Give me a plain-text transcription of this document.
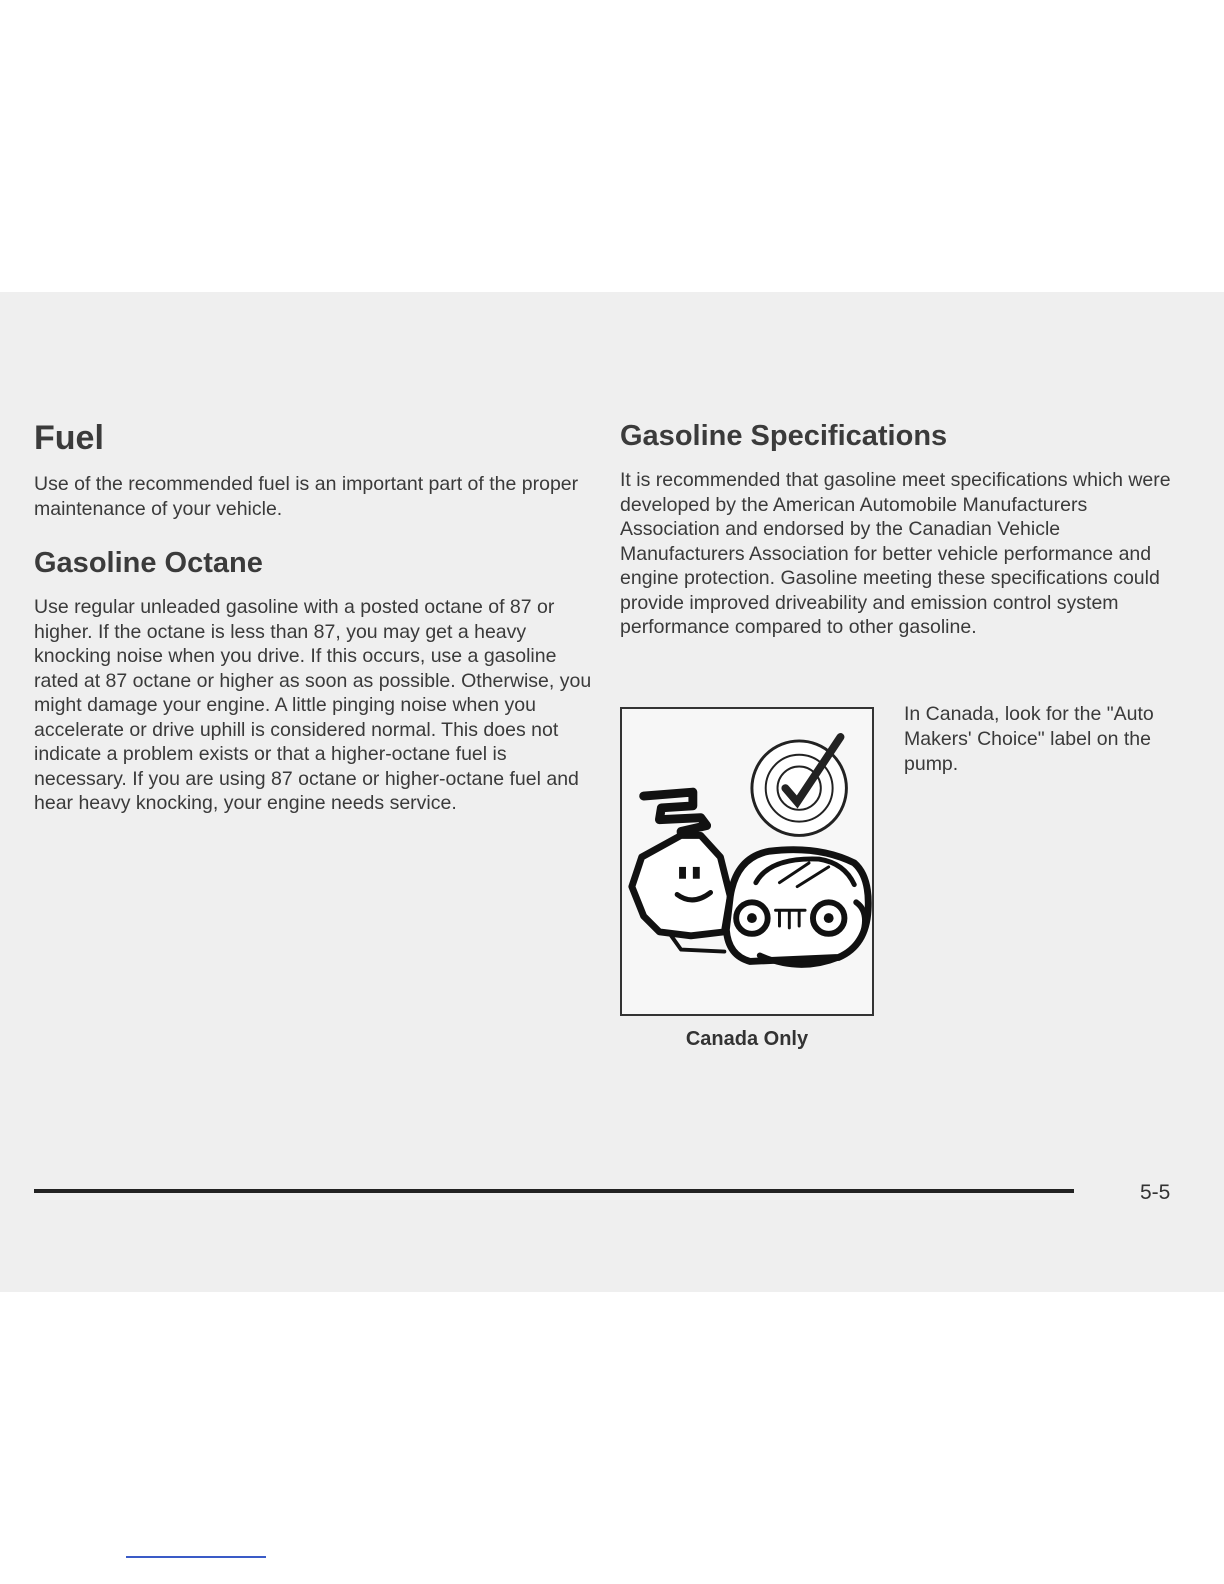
Fuel

Use of the recommended fuel is an important part of the proper maintenance of your vehicle.

Gasoline Octane

Use regular unleaded gasoline with a posted octane of 87 or higher. If the octane is less than 87, you may get a heavy knocking noise when you drive. If this occurs, use a gasoline rated at 87 octane or higher as soon as possible. Otherwise, you might damage your engine. A little pinging noise when you accelerate or drive uphill is considered normal. This does not indicate a problem exists or that a higher-octane fuel is necessary. If you are using 87 octane or higher-octane fuel and hear heavy knocking, your engine needs service.

Gasoline Specifications

It is recommended that gasoline meet specifications which were developed by the American Automobile Manufacturers Association and endorsed by the Canadian Vehicle Manufacturers Association for better vehicle performance and engine protection. Gasoline meeting these specifications could provide improved driveability and emission control system performance compared to other gasoline.

Canada Only

In Canada, look for the "Auto Makers' Choice" label on the pump.

5-5
